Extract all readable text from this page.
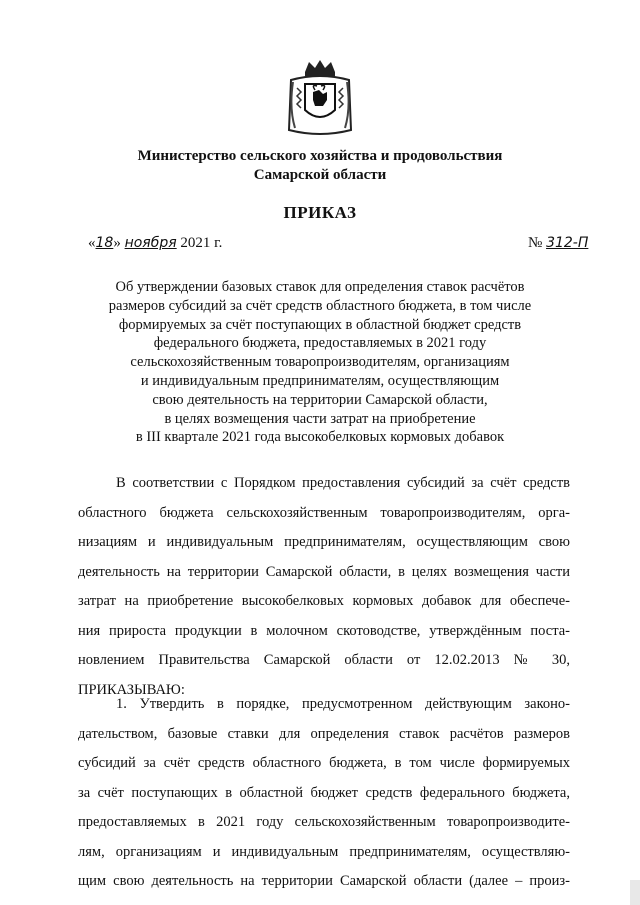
Министерство сельского хозяйства и продовольствия
Самарской области
ПРИКАЗ
«18» ноября 2021 г.	№ 312-П
Об утверждении базовых ставок для определения ставок расчётов
размеров субсидий за счёт средств областного бюджета, в том числе
формируемых за счёт поступающих в областной бюджет средств
федерального бюджета, предоставляемых в 2021 году
сельскохозяйственным товаропроизводителям, организациям
и индивидуальным предпринимателям, осуществляющим
свою деятельность на территории Самарской области,
в целях возмещения части затрат на приобретение
в III квартале 2021 года высокобелковых кормовых добавок
В соответствии с Порядком предоставления субсидий за счёт средств
областного бюджета сельскохозяйственным товаропроизводителям, орга-
низациям и индивидуальным предпринимателям, осуществляющим свою
деятельность на территории Самарской области, в целях возмещения части
затрат на приобретение высокобелковых кормовых добавок для обеспече-
ния прироста продукции в молочном скотоводстве, утверждённым поста-
новлением Правительства Самарской области от 12.02.2013 № 30,
ПРИКАЗЫВАЮ:
1. Утвердить в порядке, предусмотренном действующим законо-
дательством, базовые ставки для определения ставок расчётов размеров
субсидий за счёт средств областного бюджета, в том числе формируемых
за счёт поступающих в областной бюджет средств федерального бюджета,
предоставляемых в 2021 году сельскохозяйственным товаропроизводите-
лям, организациям и индивидуальным предпринимателям, осуществляю-
щим свою деятельность на территории Самарской области (далее – произ-
